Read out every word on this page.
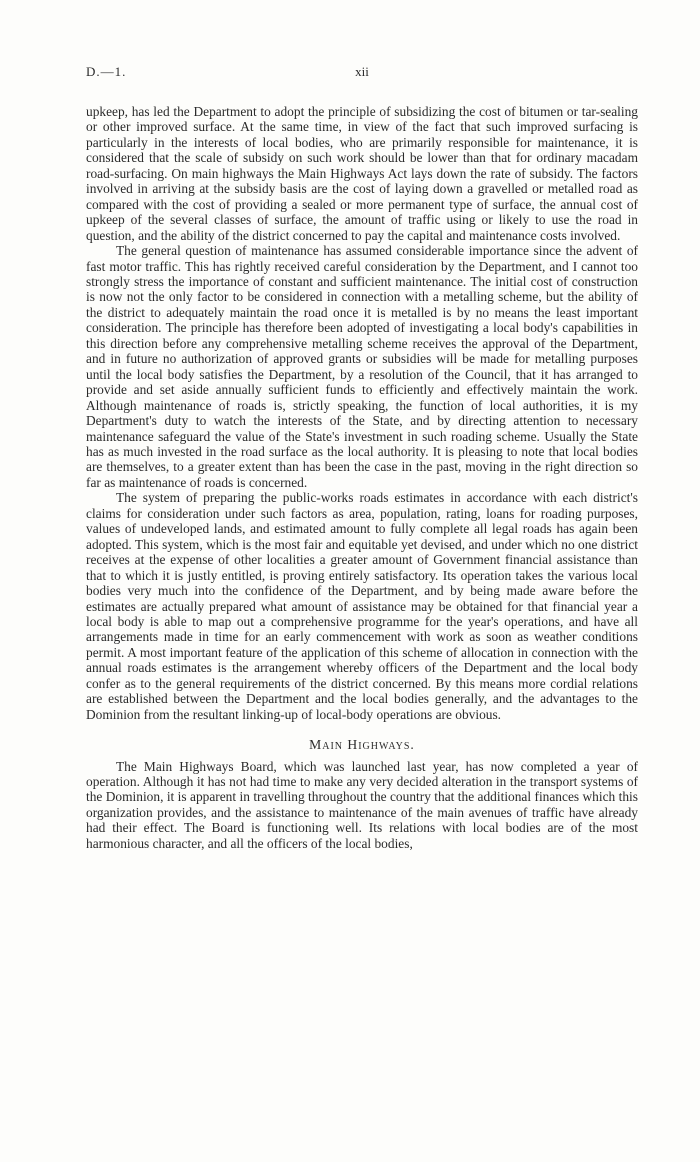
D.—1.	xii

upkeep, has led the Department to adopt the principle of subsidizing the cost of bitumen or tar-sealing or other improved surface. At the same time, in view of the fact that such improved surfacing is particularly in the interests of local bodies, who are primarily responsible for maintenance, it is considered that the scale of subsidy on such work should be lower than that for ordinary macadam road-surfacing. On main highways the Main Highways Act lays down the rate of subsidy. The factors involved in arriving at the subsidy basis are the cost of laying down a gravelled or metalled road as compared with the cost of providing a sealed or more permanent type of surface, the annual cost of upkeep of the several classes of surface, the amount of traffic using or likely to use the road in question, and the ability of the district concerned to pay the capital and maintenance costs involved.

The general question of maintenance has assumed considerable importance since the advent of fast motor traffic. This has rightly received careful consideration by the Department, and I cannot too strongly stress the importance of constant and sufficient maintenance. The initial cost of construction is now not the only factor to be considered in connection with a metalling scheme, but the ability of the district to adequately maintain the road once it is metalled is by no means the least important consideration. The principle has therefore been adopted of investigating a local body's capabilities in this direction before any comprehensive metalling scheme receives the approval of the Department, and in future no authorization of approved grants or subsidies will be made for metalling purposes until the local body satisfies the Department, by a resolution of the Council, that it has arranged to provide and set aside annually sufficient funds to efficiently and effectively maintain the work. Although maintenance of roads is, strictly speaking, the function of local authorities, it is my Department's duty to watch the interests of the State, and by directing attention to necessary maintenance safeguard the value of the State's investment in such roading scheme. Usually the State has as much invested in the road surface as the local authority. It is pleasing to note that local bodies are themselves, to a greater extent than has been the case in the past, moving in the right direction so far as maintenance of roads is concerned.

The system of preparing the public-works roads estimates in accordance with each district's claims for consideration under such factors as area, population, rating, loans for roading purposes, values of undeveloped lands, and estimated amount to fully complete all legal roads has again been adopted. This system, which is the most fair and equitable yet devised, and under which no one district receives at the expense of other localities a greater amount of Government financial assistance than that to which it is justly entitled, is proving entirely satisfactory. Its operation takes the various local bodies very much into the confidence of the Department, and by being made aware before the estimates are actually prepared what amount of assistance may be obtained for that financial year a local body is able to map out a comprehensive programme for the year's operations, and have all arrangements made in time for an early commencement with work as soon as weather conditions permit. A most important feature of the application of this scheme of allocation in connection with the annual roads estimates is the arrangement whereby officers of the Department and the local body confer as to the general requirements of the district concerned. By this means more cordial relations are established between the Department and the local bodies generally, and the advantages to the Dominion from the resultant linking-up of local-body operations are obvious.

Main Highways.

The Main Highways Board, which was launched last year, has now completed a year of operation. Although it has not had time to make any very decided alteration in the transport systems of the Dominion, it is apparent in travelling throughout the country that the additional finances which this organization provides, and the assistance to maintenance of the main avenues of traffic have already had their effect. The Board is functioning well. Its relations with local bodies are of the most harmonious character, and all the officers of the local bodies,
